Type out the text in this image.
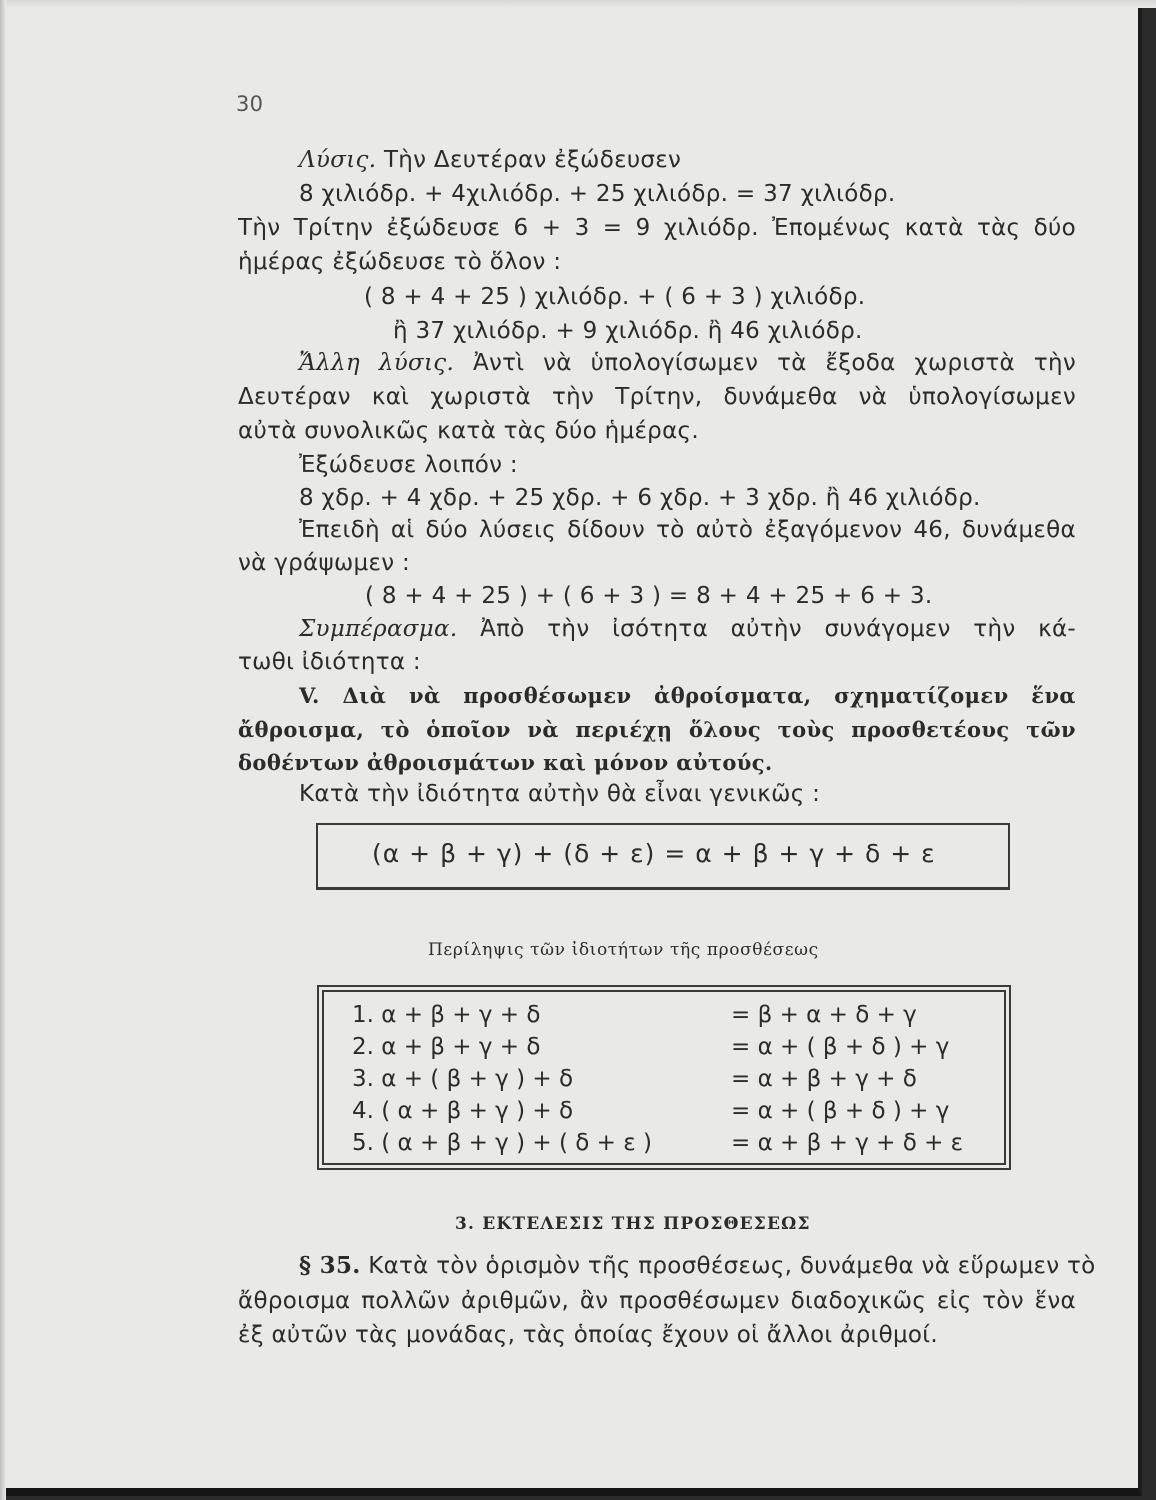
30
Λύσις. Τὴν Δευτέραν ἐξώδευσεν
8 χιλιόδρ. + 4χιλιόδρ. + 25 χιλιόδρ. = 37 χιλιόδρ.
Τὴν Τρίτην ἐξώδευσε 6 + 3 = 9 χιλιόδρ. Ἐπομένως κατὰ τὰς δύο
ἡμέρας ἐξώδευσε τὸ ὅλον :
( 8 + 4 + 25 ) χιλιόδρ. + ( 6 + 3 ) χιλιόδρ.
ἢ 37 χιλιόδρ. + 9 χιλιόδρ. ἢ 46 χιλιόδρ.
Ἄλλη λύσις. Ἀντὶ νὰ ὑπολογίσωμεν τὰ ἔξοδα χωριστὰ τὴν
Δευτέραν καὶ χωριστὰ τὴν Τρίτην, δυνάμεθα νὰ ὑπολογίσωμεν
αὐτὰ συνολικῶς κατὰ τὰς δύο ἡμέρας.
Ἐξώδευσε λοιπόν :
8 χδρ. + 4 χδρ. + 25 χδρ. + 6 χδρ. + 3 χδρ. ἢ 46 χιλιόδρ.
Ἐπειδὴ αἱ δύο λύσεις δίδουν τὸ αὐτὸ ἐξαγόμενον 46, δυνάμεθα
νὰ γράψωμεν :
( 8 + 4 + 25 ) + ( 6 + 3 ) = 8 + 4 + 25 + 6 + 3.
Συμπέρασμα. Ἀπὸ τὴν ἰσότητα αὐτὴν συνάγομεν τὴν κά-
τωθι ἰδιότητα :
V. Διὰ νὰ προσθέσωμεν ἀθροίσματα, σχηματίζομεν ἕνα
ἄθροισμα, τὸ ὁποῖον νὰ περιέχῃ ὅλους τοὺς προσθετέους τῶν
δοθέντων ἀθροισμάτων καὶ μόνον αὐτούς.
Κατὰ τὴν ἰδιότητα αὐτὴν θὰ εἶναι γενικῶς :
(α + β + γ) + (δ + ε) = α + β + γ + δ + ε
Περίληψις τῶν ἰδιοτήτων τῆς προσθέσεως
1. α + β + γ + δ	= β + α + δ + γ
2. α + β + γ + δ	= α + ( β + δ ) + γ
3. α + ( β + γ ) + δ	= α + β + γ + δ
4. ( α + β + γ ) + δ	= α + ( β + δ ) + γ
5. ( α + β + γ ) + ( δ + ε )	= α + β + γ + δ + ε
3. ΕΚΤΕΛΕΣΙΣ ΤΗΣ ΠΡΟΣΘΕΣΕΩΣ
§ 35. Κατὰ τὸν ὁρισμὸν τῆς προσθέσεως, δυνάμεθα νὰ εὕρωμεν τὸ
ἄθροισμα πολλῶν ἀριθμῶν, ἂν προσθέσωμεν διαδοχικῶς εἰς τὸν ἕνα
ἐξ αὐτῶν τὰς μονάδας, τὰς ὁποίας ἔχουν οἱ ἄλλοι ἀριθμοί.
